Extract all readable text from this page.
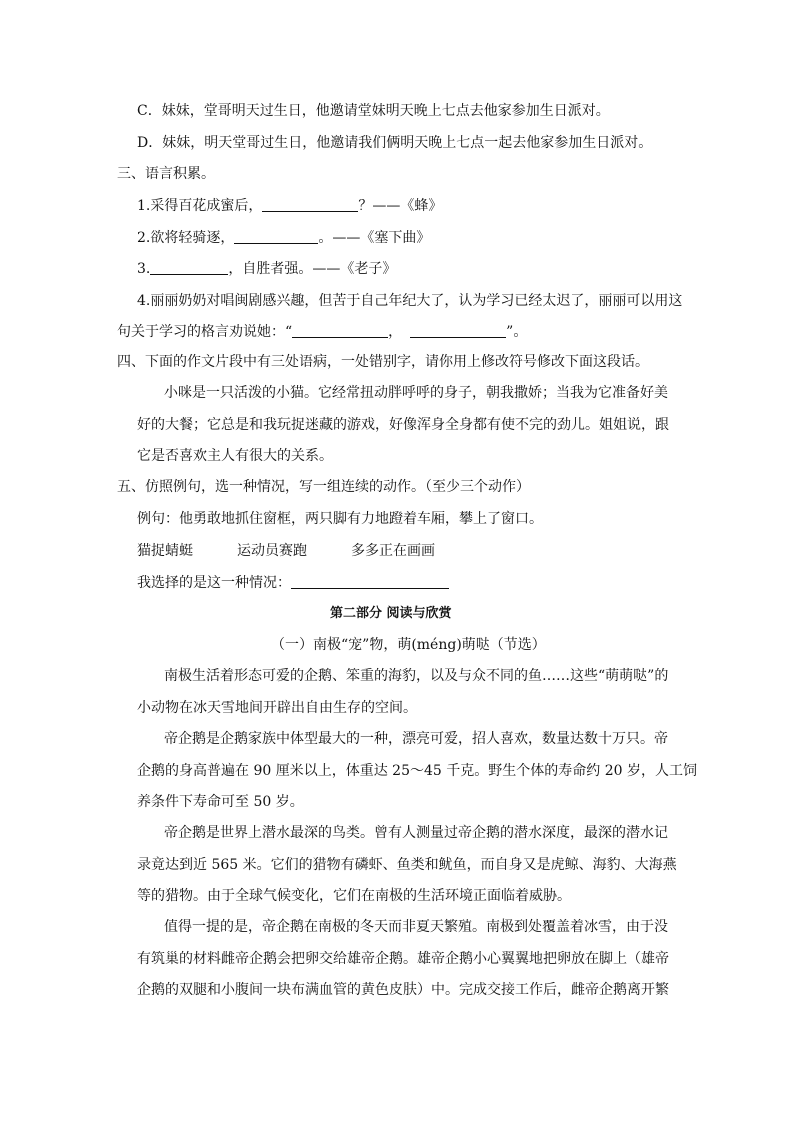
C．妹妹，堂哥明天过生日，他邀请堂妹明天晚上七点去他家参加生日派对。
D．妹妹，明天堂哥过生日，他邀请我们俩明天晚上七点一起去他家参加生日派对。
三、语言积累。
1.采得百花成蜜后，	？——《蜂》
2.欲将轻骑逐，	。——《塞下曲》
3.	，自胜者强。——《老子》
4.丽丽奶奶对唱闽剧感兴趣，但苦于自己年纪大了，认为学习已经太迟了，丽丽可以用这
句关于学习的格言劝说她：“	，	”。
四、下面的作文片段中有三处语病，一处错别字，请你用上修改符号修改下面这段话。
小咪是一只活泼的小猫。它经常扭动胖呼呼的身子，朝我撒娇；当我为它准备好美
好的大餐；它总是和我玩捉迷藏的游戏，好像浑身全身都有使不完的劲儿。姐姐说，跟
它是否喜欢主人有很大的关系。
五、仿照例句，选一种情况，写一组连续的动作。（至少三个动作）
例句：他勇敢地抓住窗框，两只脚有力地蹬着车厢，攀上了窗口。
猫捉蜻蜓	运动员赛跑	多多正在画画
我选择的是这一种情况：
第二部分 阅读与欣赏
（一）南极“宠”物，萌(méng)萌哒（节选）
南极生活着形态可爱的企鹅、笨重的海豹，以及与众不同的鱼……这些“萌萌哒”的
小动物在冰天雪地间开辟出自由生存的空间。
帝企鹅是企鹅家族中体型最大的一种，漂亮可爱，招人喜欢，数量达数十万只。帝
企鹅的身高普遍在 90 厘米以上，体重达 25～45 千克。野生个体的寿命约 20 岁，人工饲
养条件下寿命可至 50 岁。
帝企鹅是世界上潜水最深的鸟类。曾有人测量过帝企鹅的潜水深度，最深的潜水记
录竟达到近 565 米。它们的猎物有磷虾、鱼类和鱿鱼，而自身又是虎鲸、海豹、大海燕
等的猎物。由于全球气候变化，它们在南极的生活环境正面临着威胁。
值得一提的是，帝企鹅在南极的冬天而非夏天繁殖。南极到处覆盖着冰雪，由于没
有筑巢的材料雌帝企鹅会把卵交给雄帝企鹅。雄帝企鹅小心翼翼地把卵放在脚上（雄帝
企鹅的双腿和小腹间一块布满血管的黄色皮肤）中。完成交接工作后，雌帝企鹅离开繁
